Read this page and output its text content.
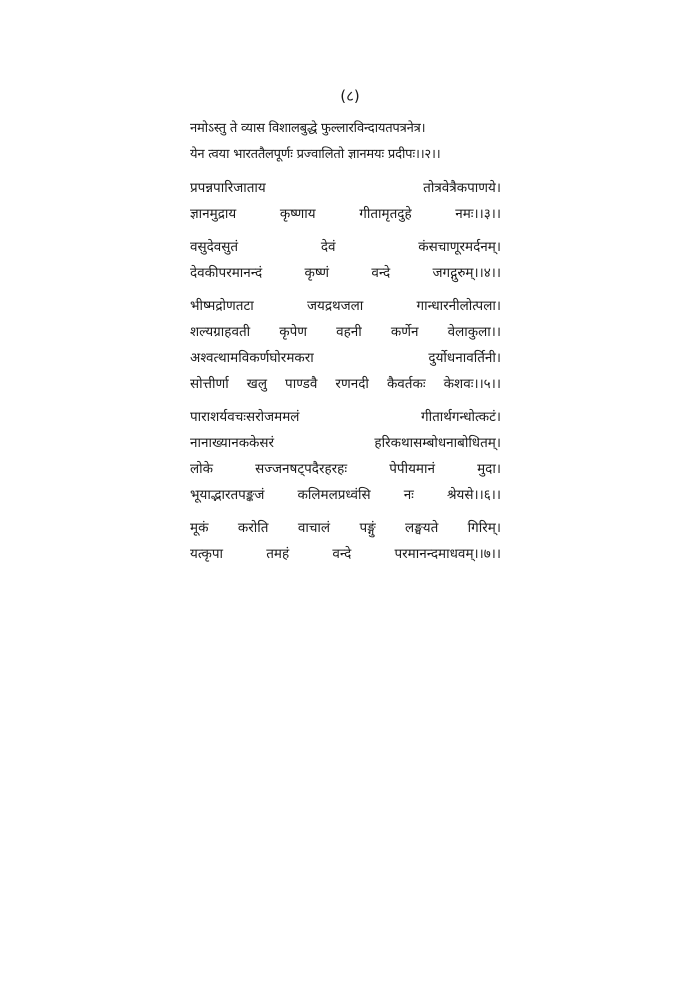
(८)
नमोऽस्तु ते व्यास विशालबुद्धे फुल्लारविन्दायतपत्रनेत्र।
येन त्वया भारततैलपूर्णः प्रज्वालितो ज्ञानमयः प्रदीपः।।२।।
प्रपन्नपारिजाताय	तोत्रवेत्रैकपाणये।
ज्ञानमुद्राय	कृष्णाय	गीतामृतदुहे	नमः।।३।।
वसुदेवसुतं	देवं	कंसचाणूरमर्दनम्।
देवकीपरमानन्दं	कृष्णं	वन्दे	जगद्गुरुम्।।४।।
भीष्मद्रोणतटा	जयद्रथजला	गान्धारनीलोत्पला।
शल्यग्राहवती कृपेण वहनी कर्णेन वेलाकुला।।
अश्वत्थामविकर्णघोरमकरा	दुर्योधनावर्तिनी।
सोत्तीर्णा खलु पाण्डवै रणनदी कैवर्तकः केशवः।।५।।
पाराशर्यवचःसरोजममलं	गीतार्थगन्धोत्कटं।
नानाख्यानककेसरं	हरिकथासम्बोधनाबोधितम्।
लोके	सज्जनषट्पदैरहरहः	पेपीयमानं	मुदा।
भूयाद्भारतपङ्कजं कलिमलप्रध्वंसि नः श्रेयसे।।६।।
मूकं करोति वाचालं पङ्गुं लङ्घयते गिरिम्।
यत्कृपा	तमहं	वन्दे	परमानन्दमाधवम्।।७।।
